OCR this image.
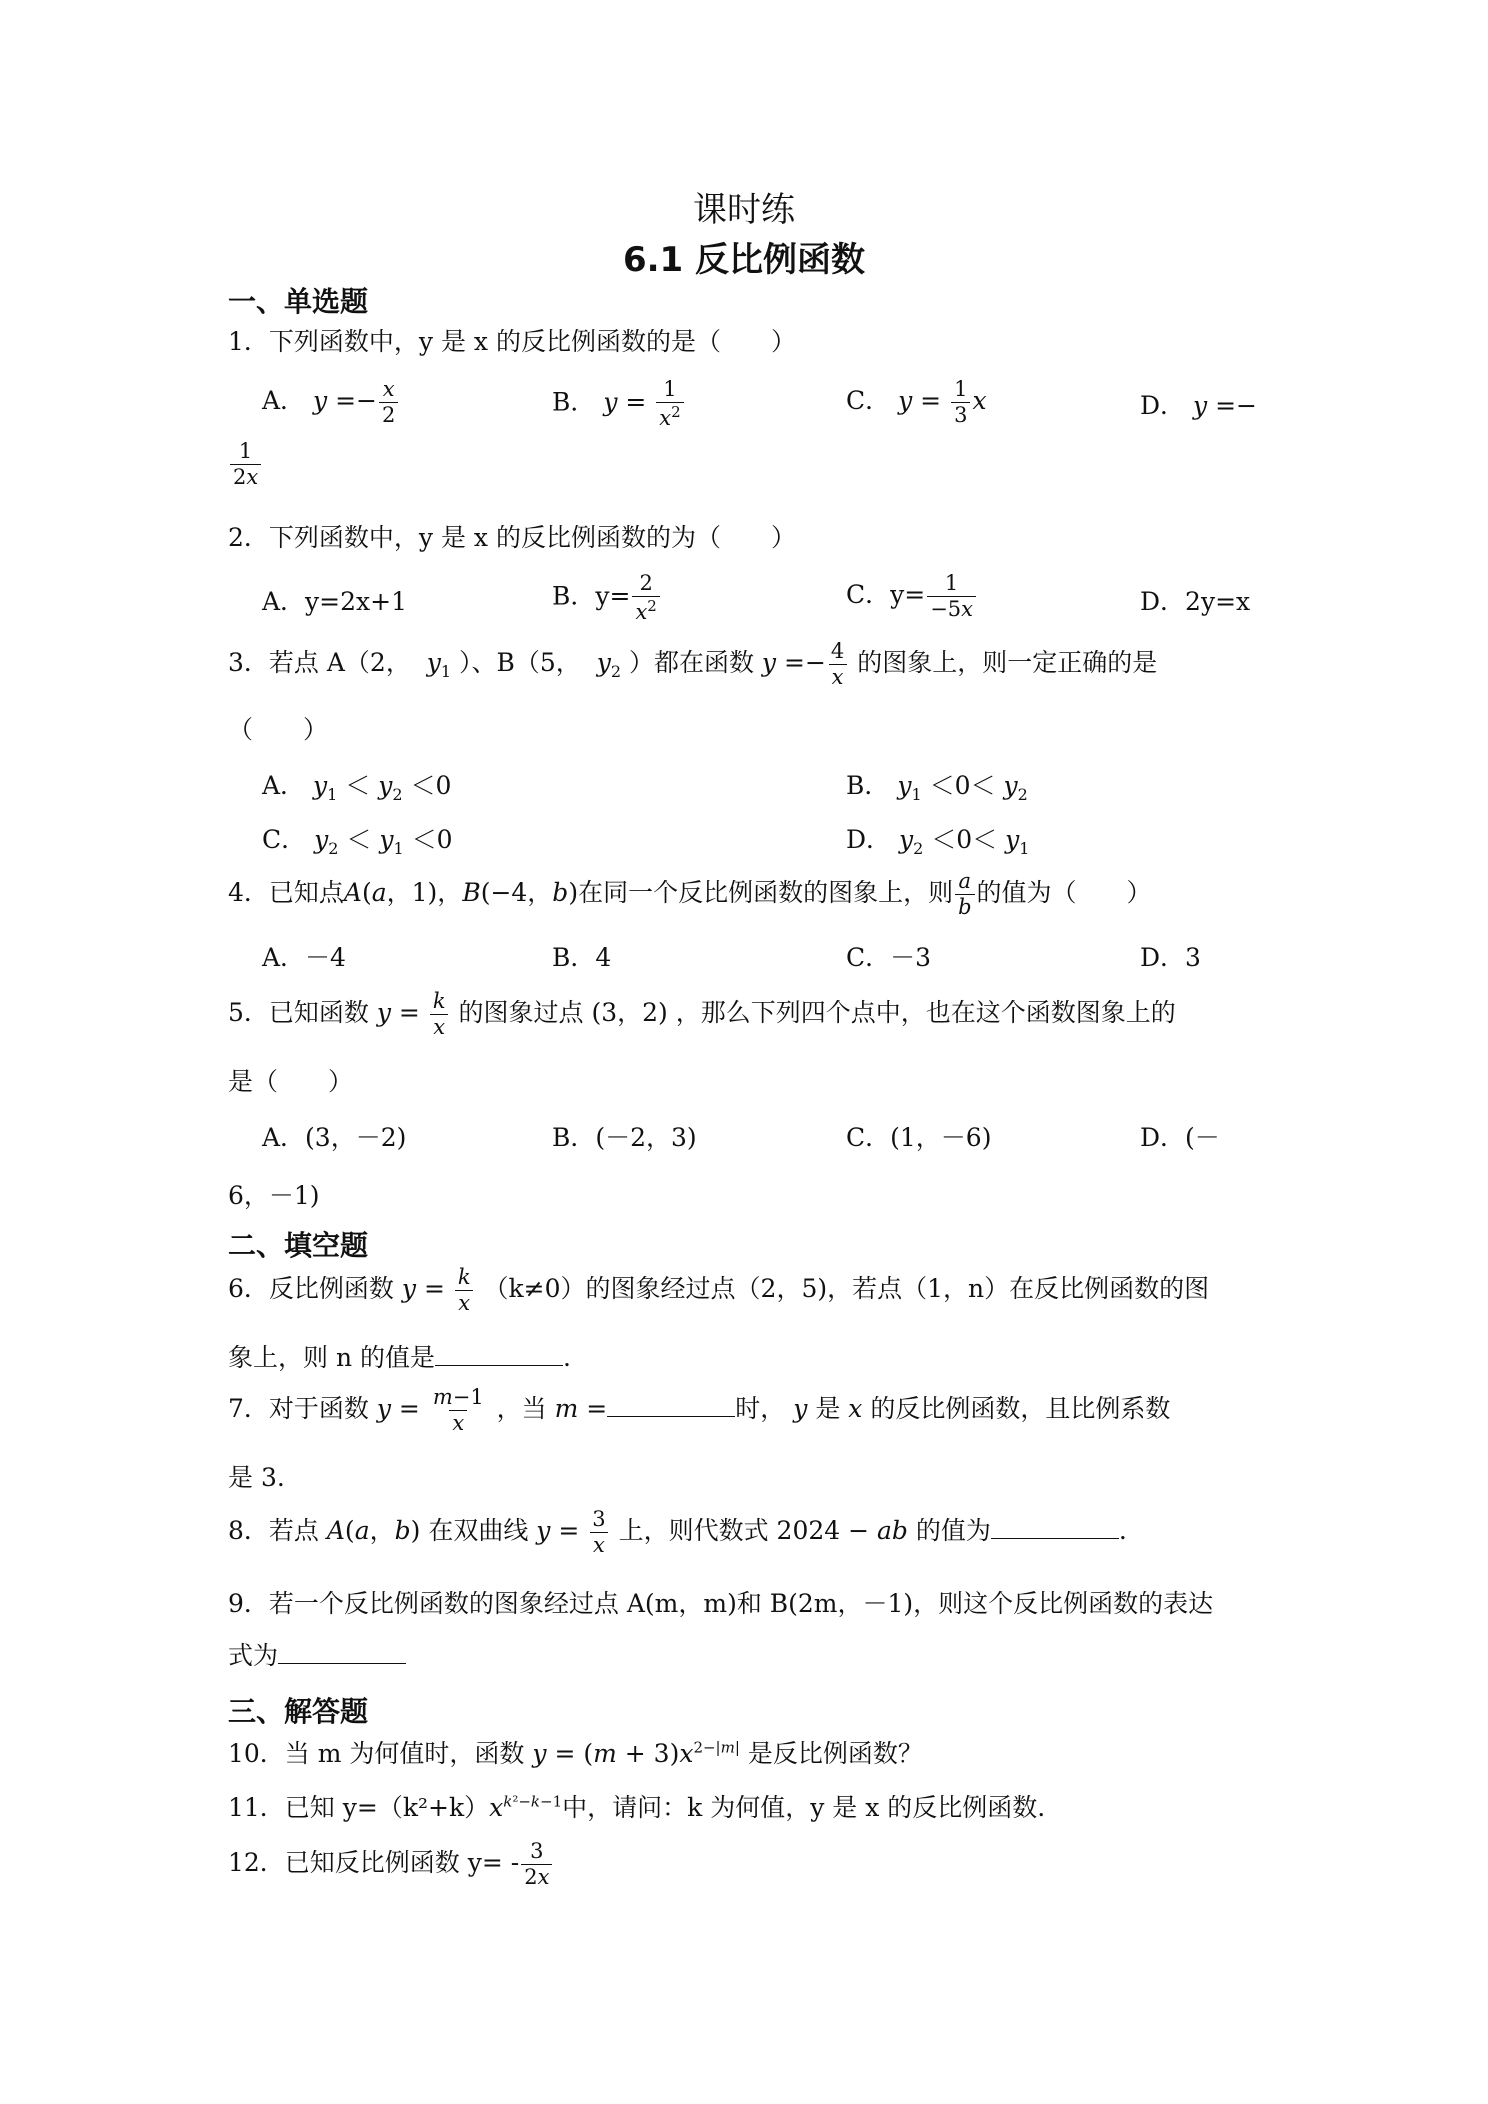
课时练
6.1 反比例函数
一、单选题
1．下列函数中，y 是 x 的反比例函数的是（　　）
A． $y =- \frac{x}{2}$	B． $y = \frac{1}{x^2}$	C． $y = \frac{1}{3}$ x	D． y =−
$\frac{1}{2x}$
2．下列函数中，y 是 x 的反比例函数的为（　　）
A．y=2x+1	B．$y= \frac{2}{x^2}$	C．$y= \frac{1}{-5x}$	D．2y=x
3．若点 A（2， $y_1$ ）、B（5， $y_2$ ）都在函数 $y =- \frac{4}{x}$ 的图象上，则一定正确的是
（　　）
A． $y_1 < y_2 <0$	B． $y_1 <0< y_2$
C． $y_2 < y_1 <0$	D． $y_2 <0< y_1$
4．已知点A(a，1)，B(−4，b)在同一个反比例函数的图象上，则 $\frac{a}{b}$ 的值为（　　）
A．－4	B．4	C．－3	D．3
5．已知函数 $y = \frac{k}{x}$ 的图象过点 (3，2) ，那么下列四个点中，也在这个函数图象上的
是（　　）
A．(3，－2)	B．(－2，3)	C．(1，－6)	D．(－
6，－1)
二、填空题
6．反比例函数 $y = \frac{k}{x} (k\ne 0)$的图象经过点（2，5)，若点（1，n）在反比例函数的图
象上，则 n 的值是	.
7．对于函数 $y = \frac{m-1}{x}$ ，当 m =	时， y 是 x 的反比例函数，且比例系数
是 3.
8．若点 A(a，b) 在双曲线 $y = \frac{3}{x}$ 上，则代数式 2024 − ab 的值为	.
9．若一个反比例函数的图象经过点 A(m，m)和 B(2m，－1)，则这个反比例函数的表达
式为
三、解答题
10．当 m 为何值时，函数 $y = (m + 3)x^{2-|m|}$ 是反比例函数？
11．已知 $y=(k^2+k)x^{k^2-k-1}$中，请问：k 为何值，y 是 x 的反比例函数.
12．已知反比例函数 $y= - \frac{3}{2x}$
